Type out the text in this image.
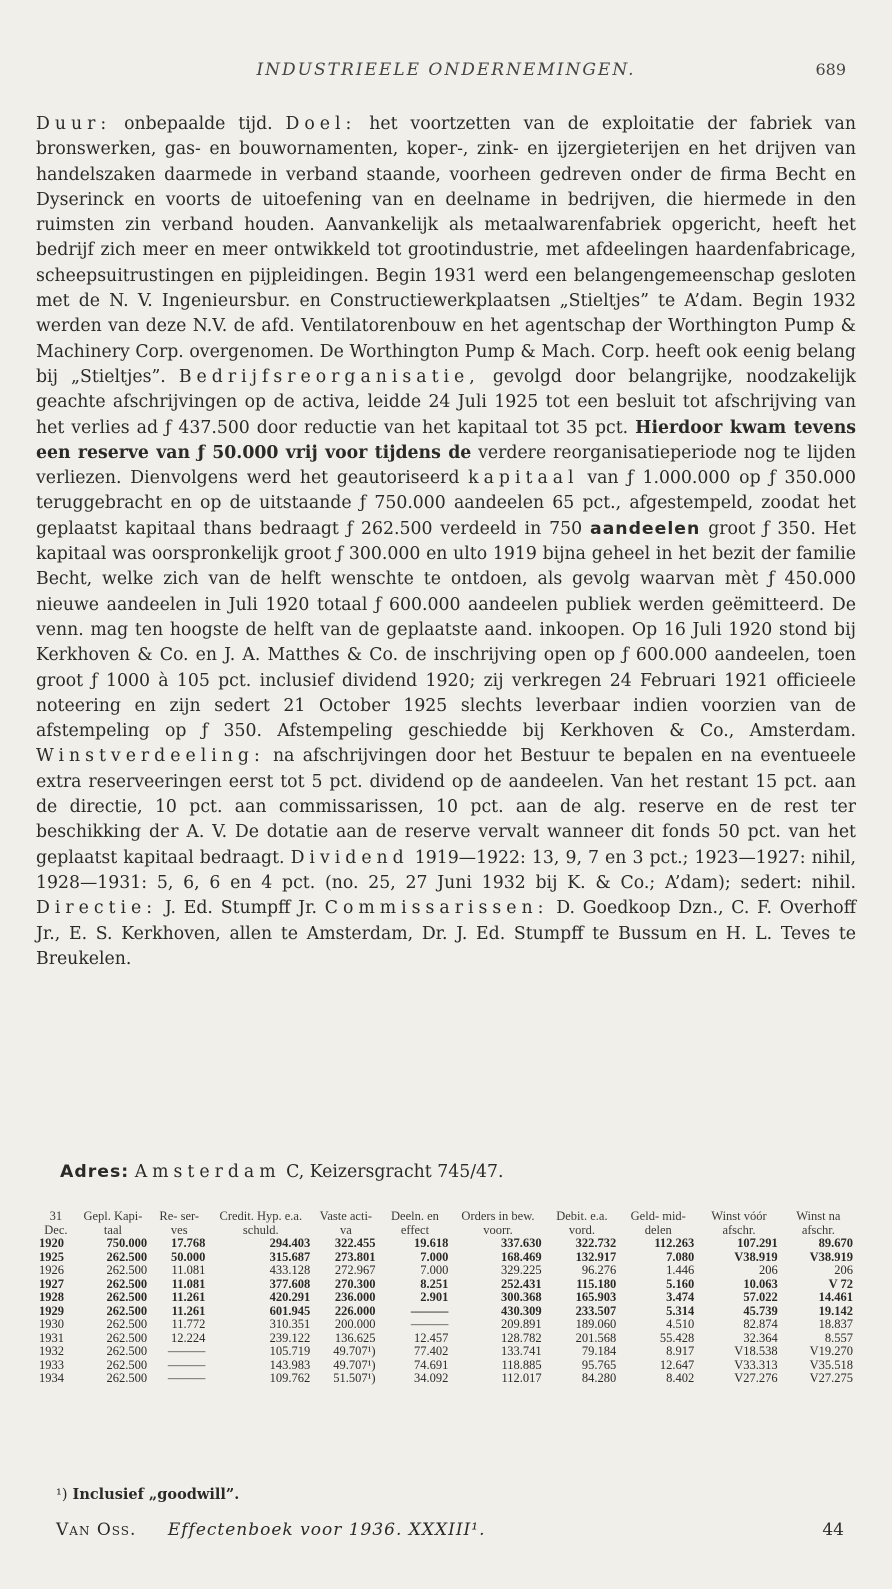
INDUSTRIEELE ONDERNEMINGEN.	689

Duur: onbepaalde tijd. Doel: het voortzetten van de exploitatie der fabriek van bronswerken, gas- en bouwornamenten, koper-, zink- en ijzergieterijen en het drijven van handelszaken daarmede in verband staande, voorheen gedreven onder de firma Becht en Dyserinck en voorts de uitoefening van en deelname in bedrijven, die hiermede in den ruimsten zin verband houden. Aanvankelijk als metaalwarenfabriek opgericht, heeft het bedrijf zich meer en meer ontwikkeld tot grootindustrie, met afdeelingen haardenfabricage, scheepsuitrustingen en pijpleidingen. Begin 1931 werd een belangengemeenschap gesloten met de N. V. Ingenieursbur. en Constructiewerkplaatsen „Stieltjes” te A’dam. Begin 1932 werden van deze N.V. de afd. Ventilatorenbouw en het agentschap der Worthington Pump & Machinery Corp. overgenomen. De Worthington Pump & Mach. Corp. heeft ook eenig belang bij „Stieltjes”. Bedrijfsreorganisatie, gevolgd door belangrijke, noodzakelijk geachte afschrijvingen op de activa, leidde 24 Juli 1925 tot een besluit tot afschrijving van het verlies ad ƒ 437.500 door reductie van het kapitaal tot 35 pct. Hierdoor kwam tevens een reserve van ƒ 50.000 vrij voor tijdens de verdere reorganisatieperiode nog te lijden verliezen. Dienvolgens werd het geautoriseerd kapitaal van ƒ 1.000.000 op ƒ 350.000 teruggebracht en op de uitstaande ƒ 750.000 aandeelen 65 pct., afgestempeld, zoodat het geplaatst kapitaal thans bedraagt ƒ 262.500 verdeeld in 750 aandeelen groot ƒ 350. Het kapitaal was oorspronkelijk groot ƒ 300.000 en ulto 1919 bijna geheel in het bezit der familie Becht, welke zich van de helft wenschte te ontdoen, als gevolg waarvan mèt ƒ 450.000 nieuwe aandeelen in Juli 1920 totaal ƒ 600.000 aandeelen publiek werden geëmitteerd. De venn. mag ten hoogste de helft van de geplaatste aand. inkoopen. Op 16 Juli 1920 stond bij Kerkhoven & Co. en J. A. Matthes & Co. de inschrijving open op ƒ 600.000 aandeelen, toen groot ƒ 1000 à 105 pct. inclusief dividend 1920; zij verkregen 24 Februari 1921 officieele noteering en zijn sedert 21 October 1925 slechts leverbaar indien voorzien van de afstempeling op ƒ 350. Afstempeling geschiedde bij Kerkhoven & Co., Amsterdam. Winstverdeeling: na afschrijvingen door het Bestuur te bepalen en na eventueele extra reserveeringen eerst tot 5 pct. dividend op de aandeelen. Van het restant 15 pct. aan de directie, 10 pct. aan commissarissen, 10 pct. aan de alg. reserve en de rest ter beschikking der A. V. De dotatie aan de reserve vervalt wanneer dit fonds 50 pct. van het geplaatst kapitaal bedraagt. Dividend 1919—1922: 13, 9, 7 en 3 pct.; 1923—1927: nihil, 1928—1931: 5, 6, 6 en 4 pct. (no. 25, 27 Juni 1932 bij K. & Co.; A’dam); sedert: nihil. Directie: J. Ed. Stumpff Jr. Commissarissen: D. Goedkoop Dzn., C. F. Overhoff Jr., E. S. Kerkhoven, allen te Amsterdam, Dr. J. Ed. Stumpff te Bussum en H. L. Teves te Breukelen.

Adres: Amsterdam C, Keizersgracht 745/47.
31 Dec.	Gepl. Kapi- taal	Re- ser- ves	Credit. Hyp. e.a. schuld.	Vaste acti- va	Deeln. en effect	Orders in bew. voorr.	Debit. e.a. vord.	Geld- mid- delen	Winst vóór afschr.	Winst na afschr.
1920	750.000	17.768	294.403	322.455	19.618	337.630	322.732	112.263	107.291	89.670
1925	262.500	50.000	315.687	273.801	7.000	168.469	132.917	7.080	V38.919	V38.919
1926	262.500	11.081	433.128	272.967	7.000	329.225	96.276	1.446	206	206
1927	262.500	11.081	377.608	270.300	8.251	252.431	115.180	5.160	10.063	V 72
1928	262.500	11.261	420.291	236.000	2.901	300.368	165.903	3.474	57.022	14.461
1929	262.500	11.261	601.945	226.000	———	430.309	233.507	5.314	45.739	19.142
1930	262.500	11.772	310.351	200.000	———	209.891	189.060	4.510	82.874	18.837
1931	262.500	12.224	239.122	136.625	12.457	128.782	201.568	55.428	32.364	8.557
1932	262.500	———	105.719	49.707¹)	77.402	133.741	79.184	8.917	V18.538	V19.270
1933	262.500	———	143.983	49.707¹)	74.691	118.885	95.765	12.647	V33.313	V35.518
1934	262.500	———	109.762	51.507¹)	34.092	112.017	84.280	8.402	V27.276	V27.275
¹) Inclusief „goodwill”.
Van Oss. Effectenboek voor 1936. XXXIII¹.	44
